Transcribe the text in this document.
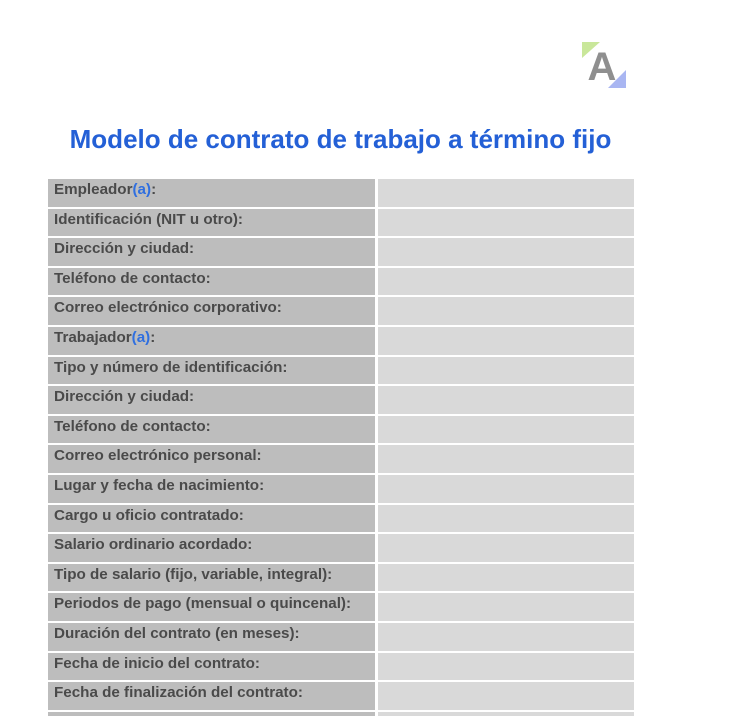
A
Modelo de contrato de trabajo a término fijo
Empleador(a):
Identificación (NIT u otro):
Dirección y ciudad:
Teléfono de contacto:
Correo electrónico corporativo:
Trabajador(a):
Tipo y número de identificación:
Dirección y ciudad:
Teléfono de contacto:
Correo electrónico personal:
Lugar y fecha de nacimiento:
Cargo u oficio contratado:
Salario ordinario acordado:
Tipo de salario (fijo, variable, integral):
Periodos de pago (mensual o quincenal):
Duración del contrato (en meses):
Fecha de inicio del contrato:
Fecha de finalización del contrato:
